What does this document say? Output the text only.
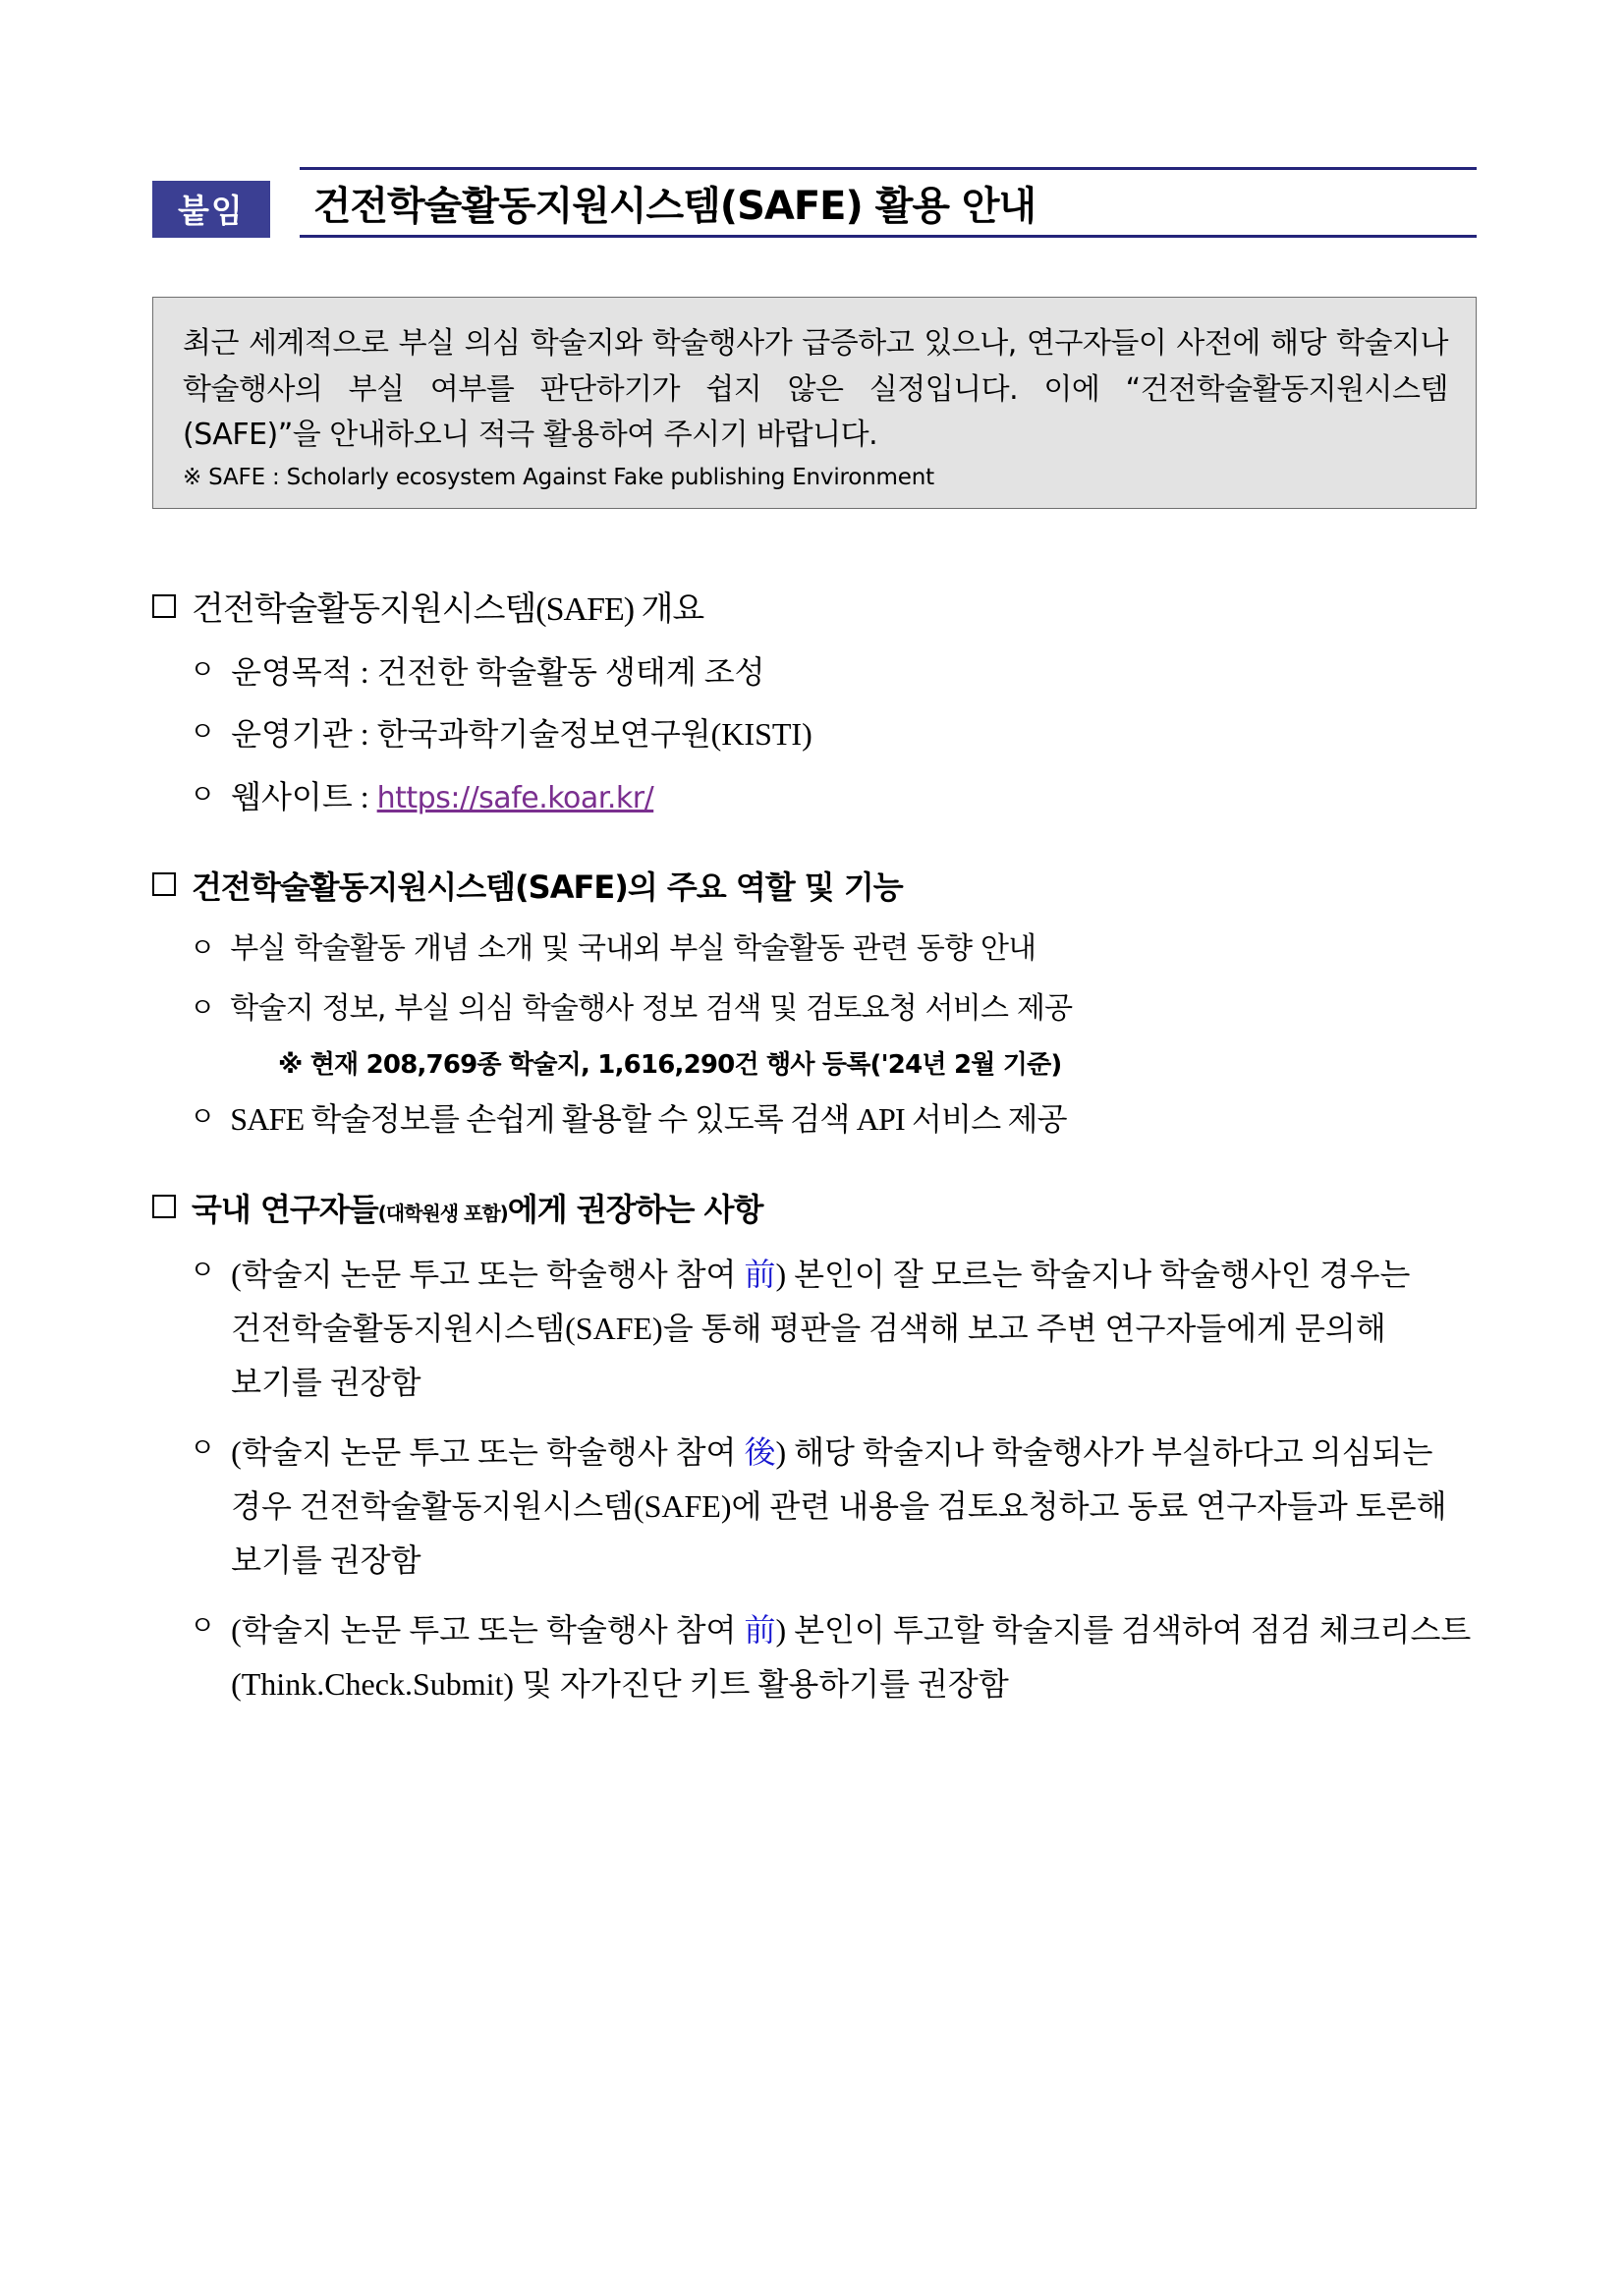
붙임	건전학술활동지원시스템(SAFE) 활용 안내

최근 세계적으로 부실 의심 학술지와 학술행사가 급증하고 있으나, 연구자들이 사전에 해당 학술지나 학술행사의 부실 여부를 판단하기가 쉽지 않은 실정입니다. 이에 “건전학술활동지원시스템(SAFE)”을 안내하오니 적극 활용하여 주시기 바랍니다.

※ SAFE : Scholarly ecosystem Against Fake publishing Environment

건전학술활동지원시스템(SAFE) 개요
ㅇ 운영목적 : 건전한 학술활동 생태계 조성
ㅇ 운영기관 : 한국과학기술정보연구원(KISTI)
ㅇ 웹사이트 : https://safe.koar.kr/
건전학술활동지원시스템(SAFE)의 주요 역할 및 기능
ㅇ 부실 학술활동 개념 소개 및 국내외 부실 학술활동 관련 동향 안내
ㅇ 학술지 정보, 부실 의심 학술행사 정보 검색 및 검토요청 서비스 제공
※ 현재 208,769종 학술지, 1,616,290건 행사 등록('24년 2월 기준)
ㅇ SAFE 학술정보를 손쉽게 활용할 수 있도록 검색 API 서비스 제공
국내 연구자들 (대학원생 포함) 에게 권장하는 사항
ㅇ (학술지 논문 투고 또는 학술행사 참여 前) 본인이 잘 모르는 학술지나 학술행사인 경우는 건전학술활동지원시스템(SAFE)을 통해 평판을 검색해 보고 주변 연구자들에게 문의해 보기를 권장함
ㅇ (학술지 논문 투고 또는 학술행사 참여 後) 해당 학술지나 학술행사가 부실하다고 의심되는 경우 건전학술활동지원시스템(SAFE)에 관련 내용을 검토요청하고 동료 연구자들과 토론해 보기를 권장함
ㅇ (학술지 논문 투고 또는 학술행사 참여 前) 본인이 투고할 학술지를 검색하여 점검 체크리스트(Think.Check.Submit) 및 자가진단 키트 활용하기를 권장함
